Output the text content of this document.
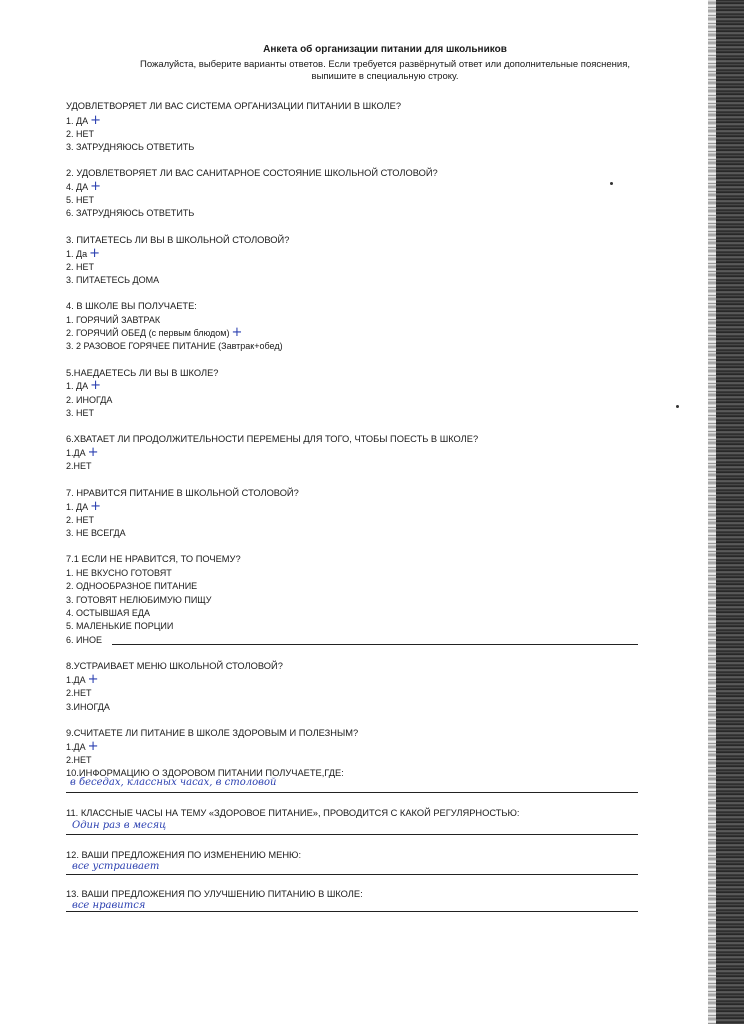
Анкета об организации питании для школьников
Пожалуйста, выберите варианты ответов. Если требуется развёрнутый ответ или дополнительные пояснения,
выпишите в специальную строку.
УДОВЛЕТВОРЯЕТ ЛИ ВАС СИСТЕМА ОРГАНИЗАЦИИ ПИТАНИИ В ШКОЛЕ?
1. ДА +
2. НЕТ
3. ЗАТРУДНЯЮСЬ ОТВЕТИТЬ
2. УДОВЛЕТВОРЯЕТ ЛИ ВАС САНИТАРНОЕ СОСТОЯНИЕ ШКОЛЬНОЙ СТОЛОВОЙ?
4. ДА +
5. НЕТ
6. ЗАТРУДНЯЮСЬ ОТВЕТИТЬ
3. ПИТАЕТЕСЬ ЛИ ВЫ В ШКОЛЬНОЙ СТОЛОВОЙ?
1. Да +
2. НЕТ
3. ПИТАЕТЕСЬ ДОМА
4. В ШКОЛЕ ВЫ ПОЛУЧАЕТЕ:
1. ГОРЯЧИЙ ЗАВТРАК
2. ГОРЯЧИЙ ОБЕД (с первым блюдом) +
3. 2 РАЗОВОЕ ГОРЯЧЕЕ ПИТАНИЕ (Завтрак+обед)
5.НАЕДАЕТЕСЬ ЛИ ВЫ В ШКОЛЕ?
1. ДА +
2. ИНОГДА
3. НЕТ
6.ХВАТАЕТ ЛИ ПРОДОЛЖИТЕЛЬНОСТИ ПЕРЕМЕНЫ ДЛЯ ТОГО, ЧТОБЫ ПОЕСТЬ В ШКОЛЕ?
1.ДА +
2.НЕТ
7. НРАВИТСЯ ПИТАНИЕ В ШКОЛЬНОЙ СТОЛОВОЙ?
1. ДА +
2. НЕТ
3. НЕ ВСЕГДА
7.1 ЕСЛИ НЕ НРАВИТСЯ, ТО ПОЧЕМУ?
1. НЕ ВКУСНО ГОТОВЯТ
2. ОДНООБРАЗНОЕ ПИТАНИЕ
3. ГОТОВЯТ НЕЛЮБИМУЮ ПИЩУ
4. ОСТЫВШАЯ ЕДА
5. МАЛЕНЬКИЕ ПОРЦИИ
6. ИНОЕ
8.УСТРАИВАЕТ МЕНЮ ШКОЛЬНОЙ СТОЛОВОЙ?
1.ДА +
2.НЕТ
3.ИНОГДА
9.СЧИТАЕТЕ ЛИ ПИТАНИЕ В ШКОЛЕ ЗДОРОВЫМ И ПОЛЕЗНЫМ?
1.ДА +
2.НЕТ
10.ИНФОРМАЦИЮ О ЗДОРОВОМ ПИТАНИИ ПОЛУЧАЕТЕ,ГДЕ:
в беседах, классных часах, в столовой
11. КЛАССНЫЕ ЧАСЫ НА ТЕМУ «ЗДОРОВОЕ ПИТАНИЕ», ПРОВОДИТСЯ С КАКОЙ РЕГУЛЯРНОСТЬЮ:
Один раз в месяц
12. ВАШИ ПРЕДЛОЖЕНИЯ ПО ИЗМЕНЕНИЮ МЕНЮ:
все устраивает
13. ВАШИ ПРЕДЛОЖЕНИЯ ПО УЛУЧШЕНИЮ ПИТАНИЮ В ШКОЛЕ:
все нравится
